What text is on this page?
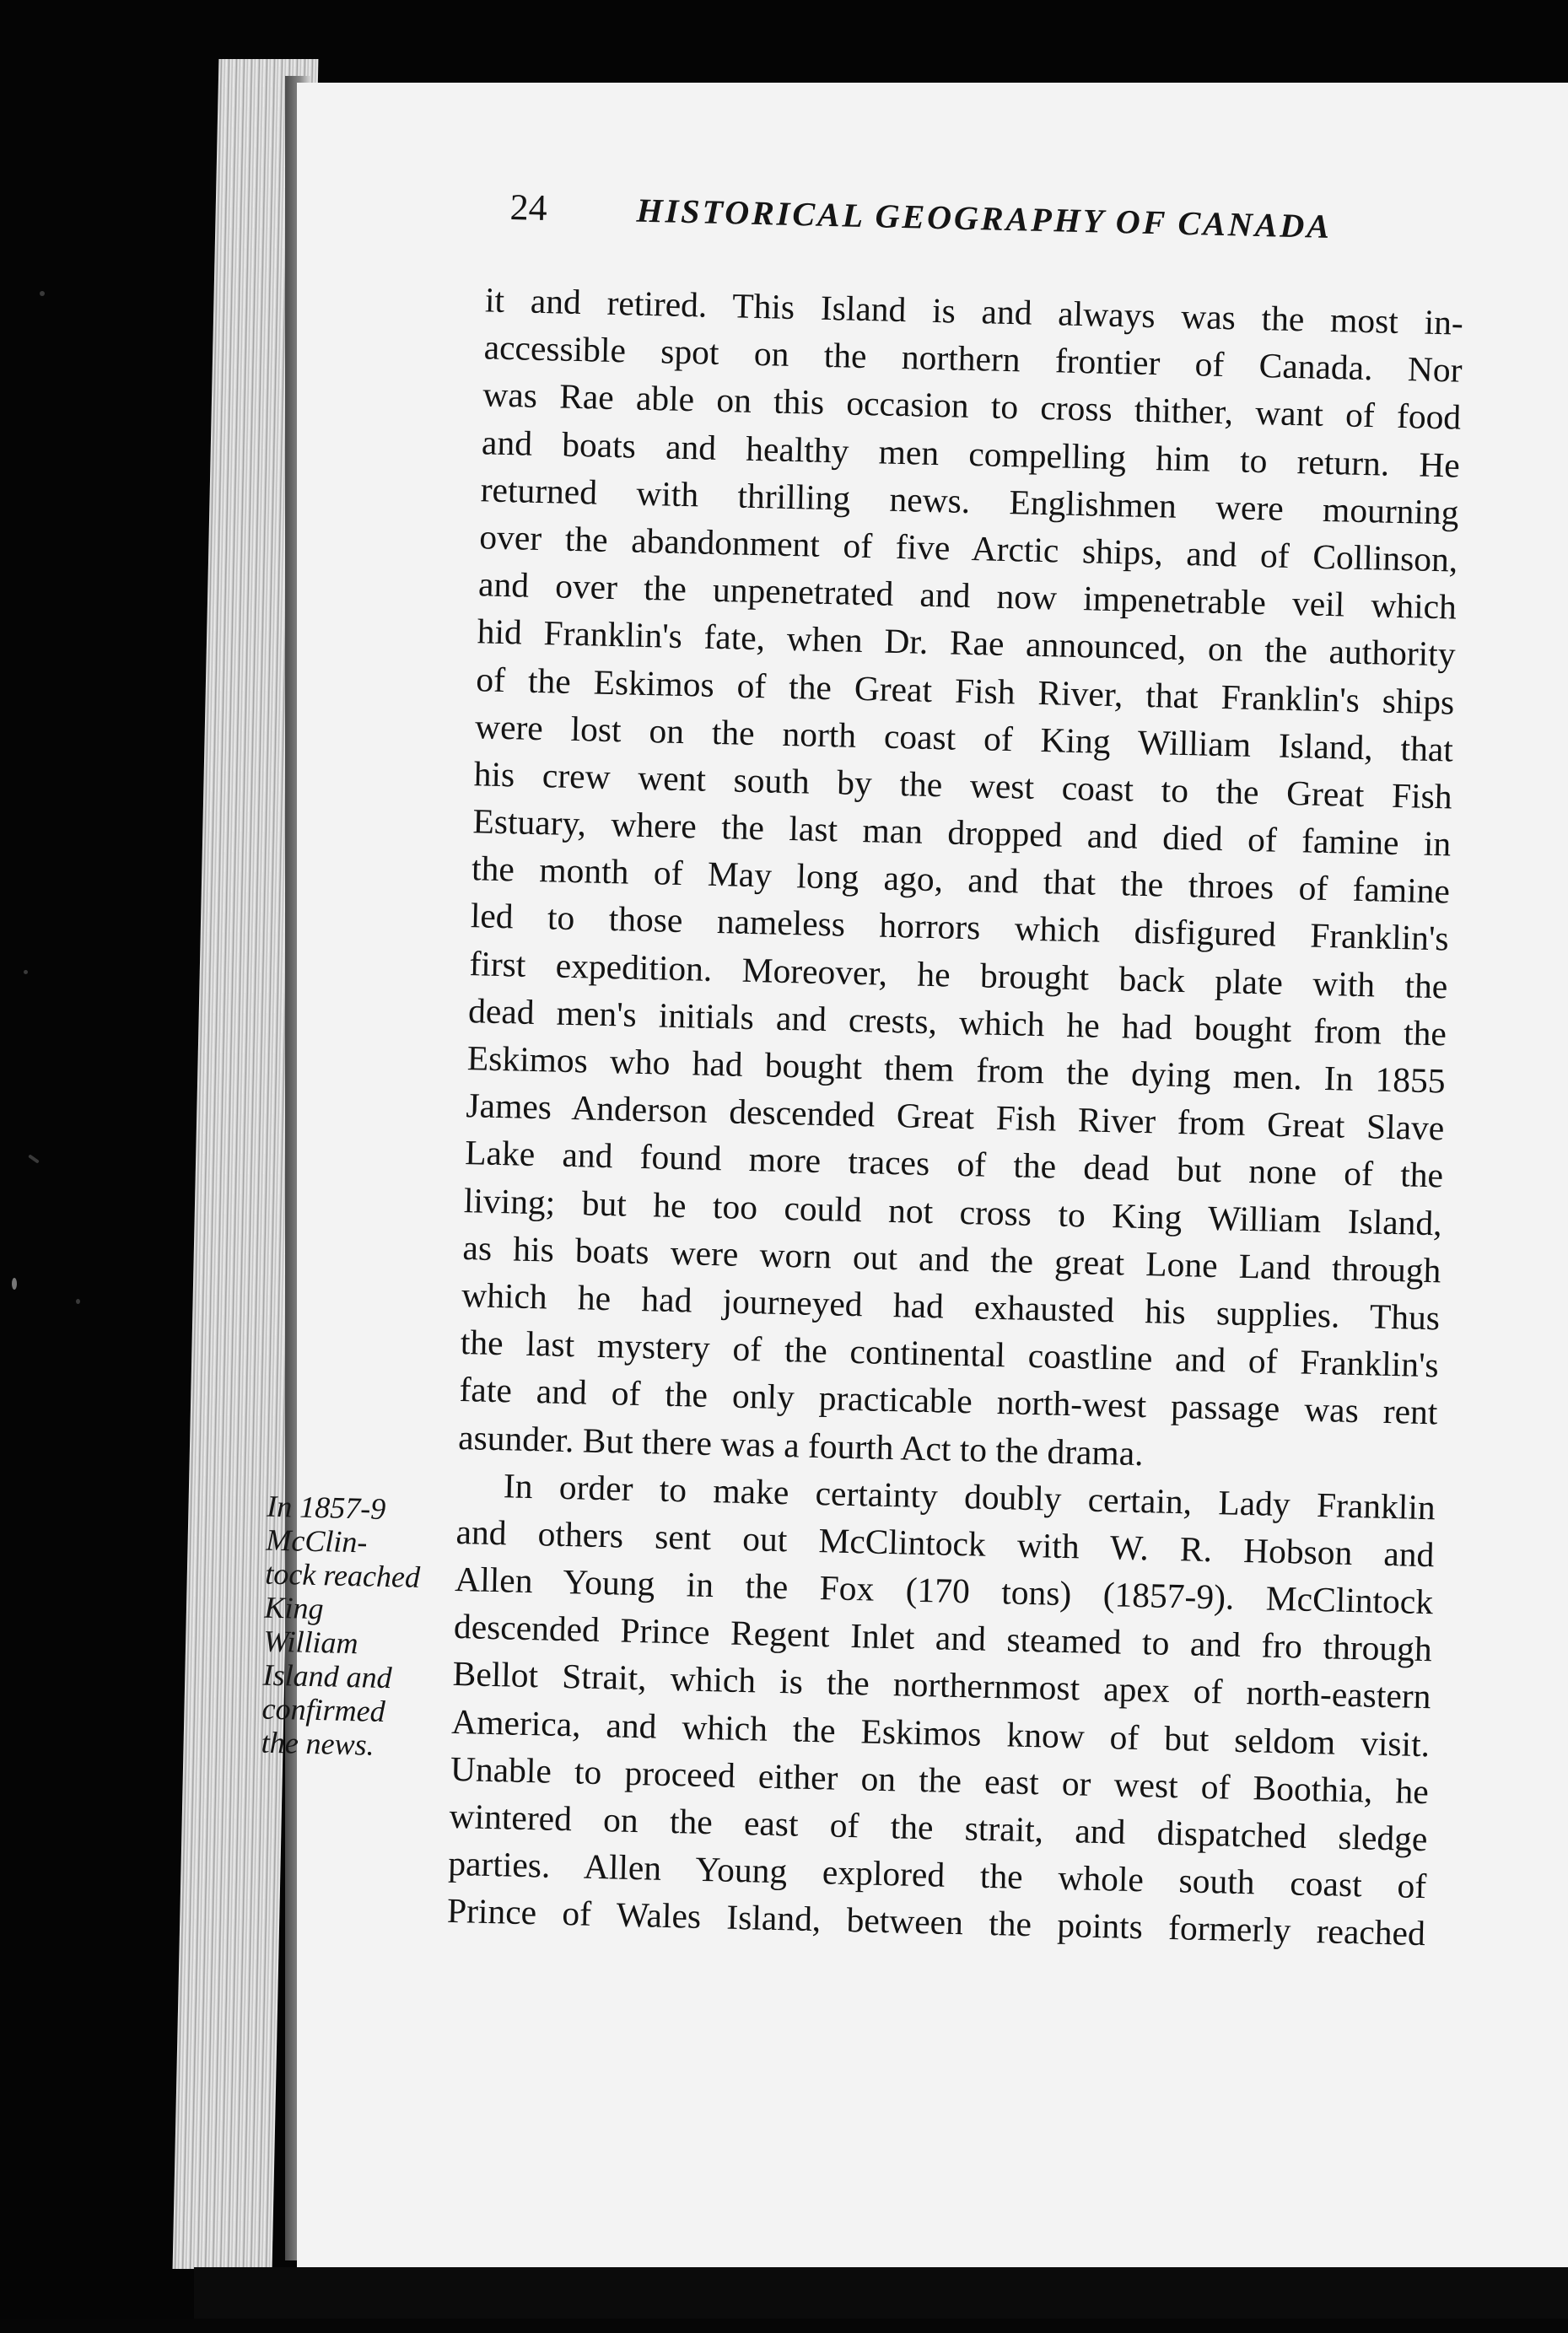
24	HISTORICAL GEOGRAPHY OF CANADA
it and retired. This Island is and always was the most in-
accessible spot on the northern frontier of Canada. Nor
was Rae able on this occasion to cross thither, want of food
and boats and healthy men compelling him to return. He
returned with thrilling news. Englishmen were mourning
over the abandonment of five Arctic ships, and of Collinson,
and over the unpenetrated and now impenetrable veil which
hid Franklin's fate, when Dr. Rae announced, on the authority
of the Eskimos of the Great Fish River, that Franklin's ships
were lost on the north coast of King William Island, that
his crew went south by the west coast to the Great Fish
Estuary, where the last man dropped and died of famine in
the month of May long ago, and that the throes of famine
led to those nameless horrors which disfigured Franklin's
first expedition. Moreover, he brought back plate with the
dead men's initials and crests, which he had bought from the
Eskimos who had bought them from the dying men. In 1855
James Anderson descended Great Fish River from Great Slave
Lake and found more traces of the dead but none of the
living; but he too could not cross to King William Island,
as his boats were worn out and the great Lone Land through
which he had journeyed had exhausted his supplies. Thus
the last mystery of the continental coastline and of Franklin's
fate and of the only practicable north-west passage was rent
asunder. But there was a fourth Act to the drama.
In order to make certainty doubly certain, Lady Franklin
and others sent out McClintock with W. R. Hobson and
Allen Young in the Fox (170 tons) (1857-9). McClintock
descended Prince Regent Inlet and steamed to and fro through
Bellot Strait, which is the northernmost apex of north-eastern
America, and which the Eskimos know of but seldom visit.
Unable to proceed either on the east or west of Boothia, he
wintered on the east of the strait, and dispatched sledge
parties. Allen Young explored the whole south coast of
Prince of Wales Island, between the points formerly reached
In 1857-9
McClin-
tock reached
King
William
Island and
confirmed
the news.
